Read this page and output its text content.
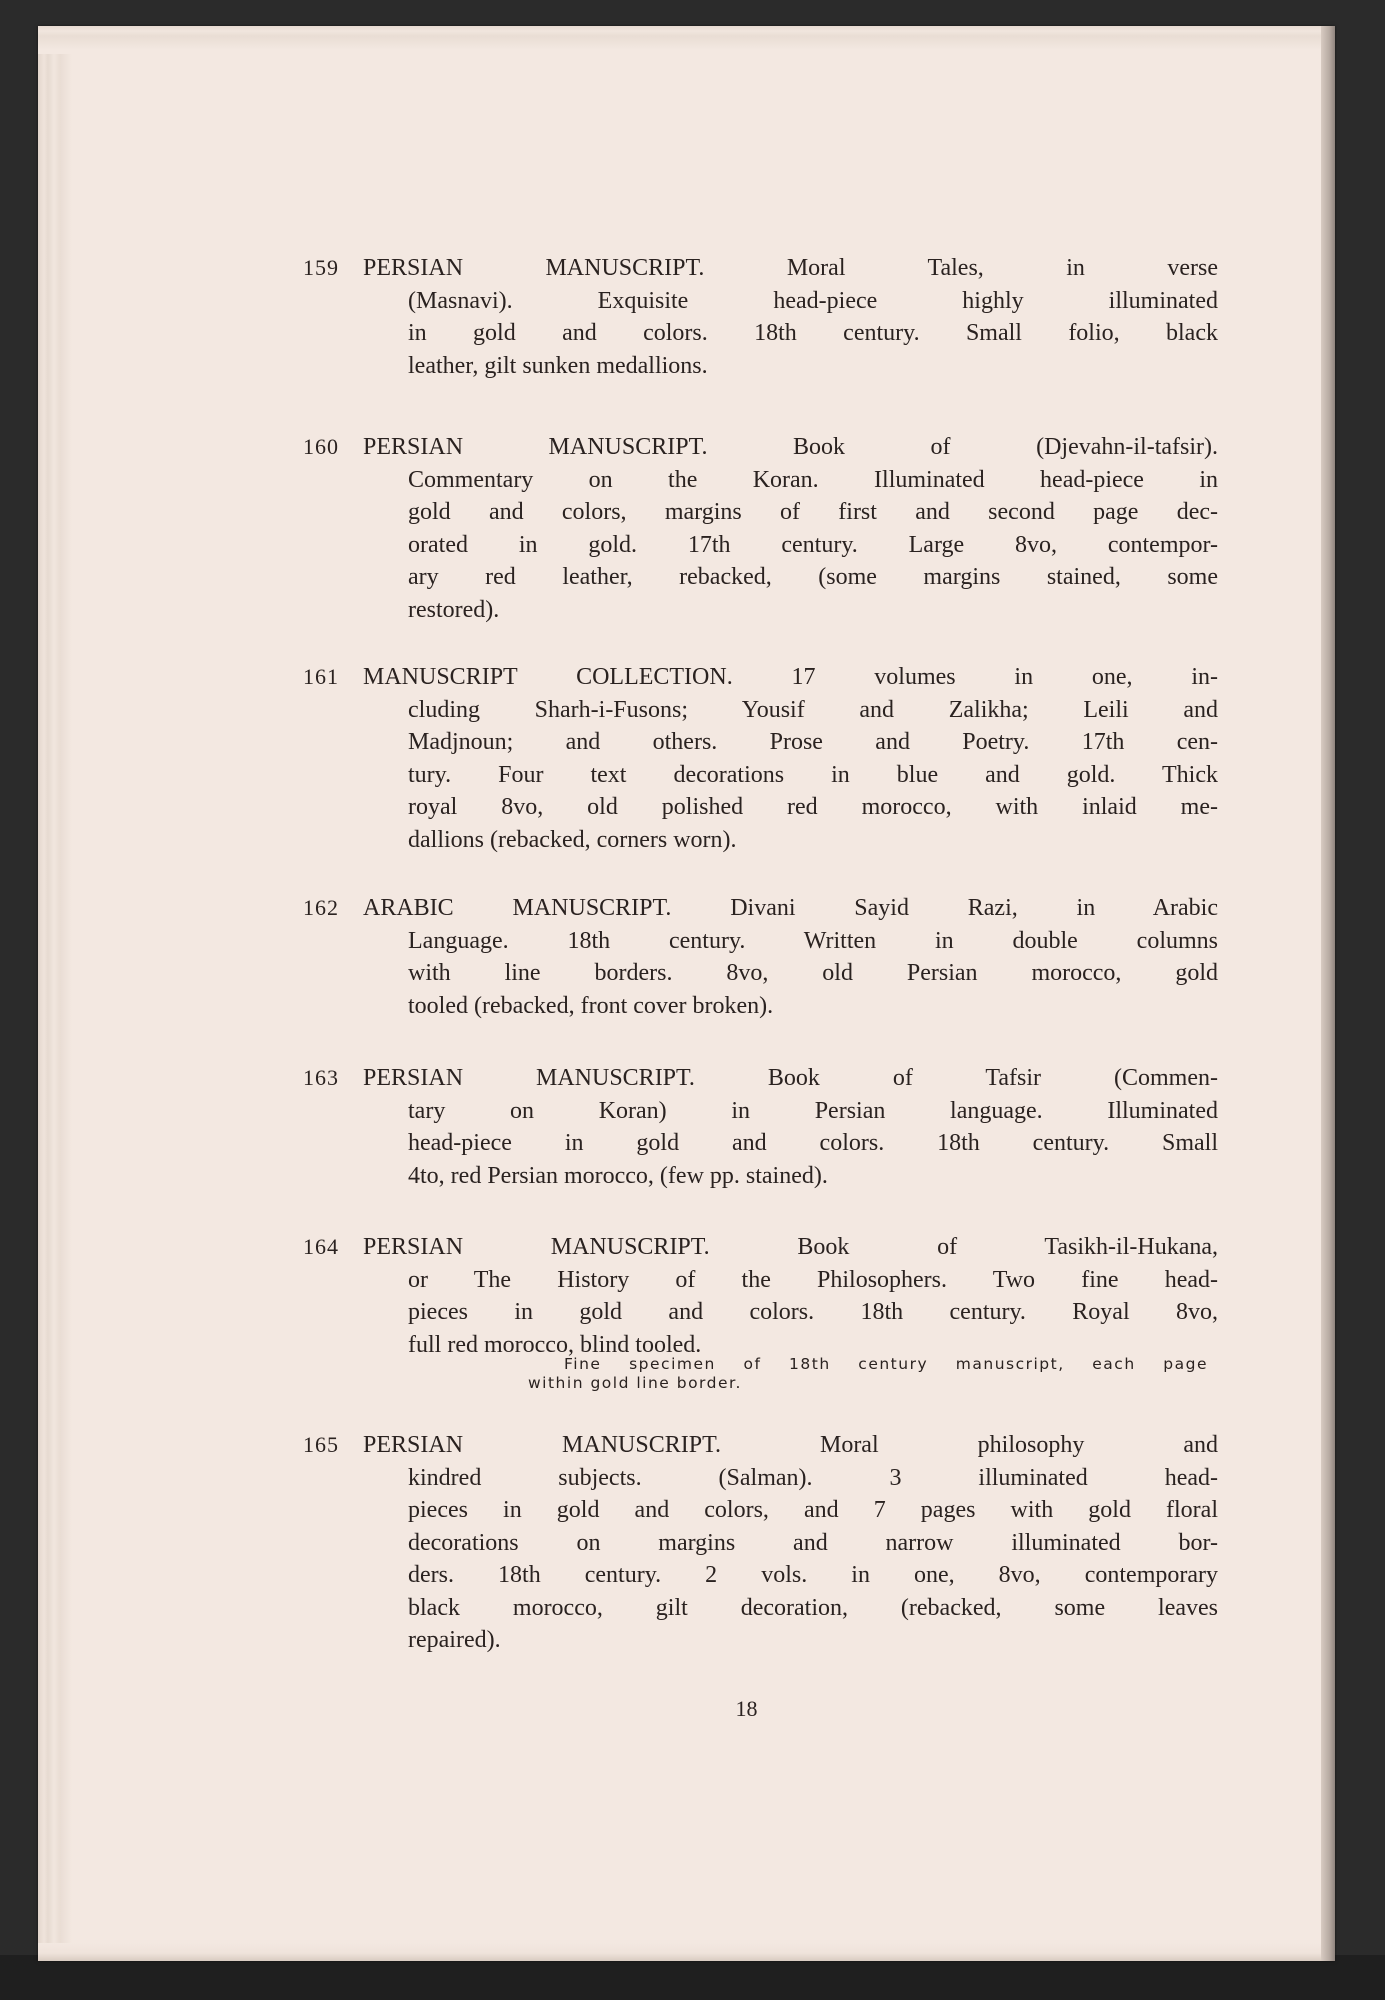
159	PERSIAN MANUSCRIPT. Moral Tales, in verse
(Masnavi). Exquisite head-piece highly illuminated
in gold and colors. 18th century. Small folio, black
leather, gilt sunken medallions.
160	PERSIAN MANUSCRIPT. Book of (Djevahn-il-tafsir).
Commentary on the Koran. Illuminated head-piece in
gold and colors, margins of first and second page dec-
orated in gold. 17th century. Large 8vo, contempor-
ary red leather, rebacked, (some margins stained, some
restored).
161	MANUSCRIPT COLLECTION. 17 volumes in one, in-
cluding Sharh-i-Fusons; Yousif and Zalikha; Leili and
Madjnoun; and others. Prose and Poetry. 17th cen-
tury. Four text decorations in blue and gold. Thick
royal 8vo, old polished red morocco, with inlaid me-
dallions (rebacked, corners worn).
162	ARABIC MANUSCRIPT. Divani Sayid Razi, in Arabic
Language. 18th century. Written in double columns
with line borders. 8vo, old Persian morocco, gold
tooled (rebacked, front cover broken).
163	PERSIAN MANUSCRIPT. Book of Tafsir (Commen-
tary on Koran) in Persian language. Illuminated
head-piece in gold and colors. 18th century. Small
4to, red Persian morocco, (few pp. stained).
164	PERSIAN MANUSCRIPT. Book of Tasikh-il-Hukana,
or The History of the Philosophers. Two fine head-
pieces in gold and colors. 18th century. Royal 8vo,
full red morocco, blind tooled.
Fine specimen of 18th century manuscript, each page
within gold line border.
165	PERSIAN MANUSCRIPT. Moral philosophy and
kindred subjects. (Salman). 3 illuminated head-
pieces in gold and colors, and 7 pages with gold floral
decorations on margins and narrow illuminated bor-
ders. 18th century. 2 vols. in one, 8vo, contemporary
black morocco, gilt decoration, (rebacked, some leaves
repaired).
18
